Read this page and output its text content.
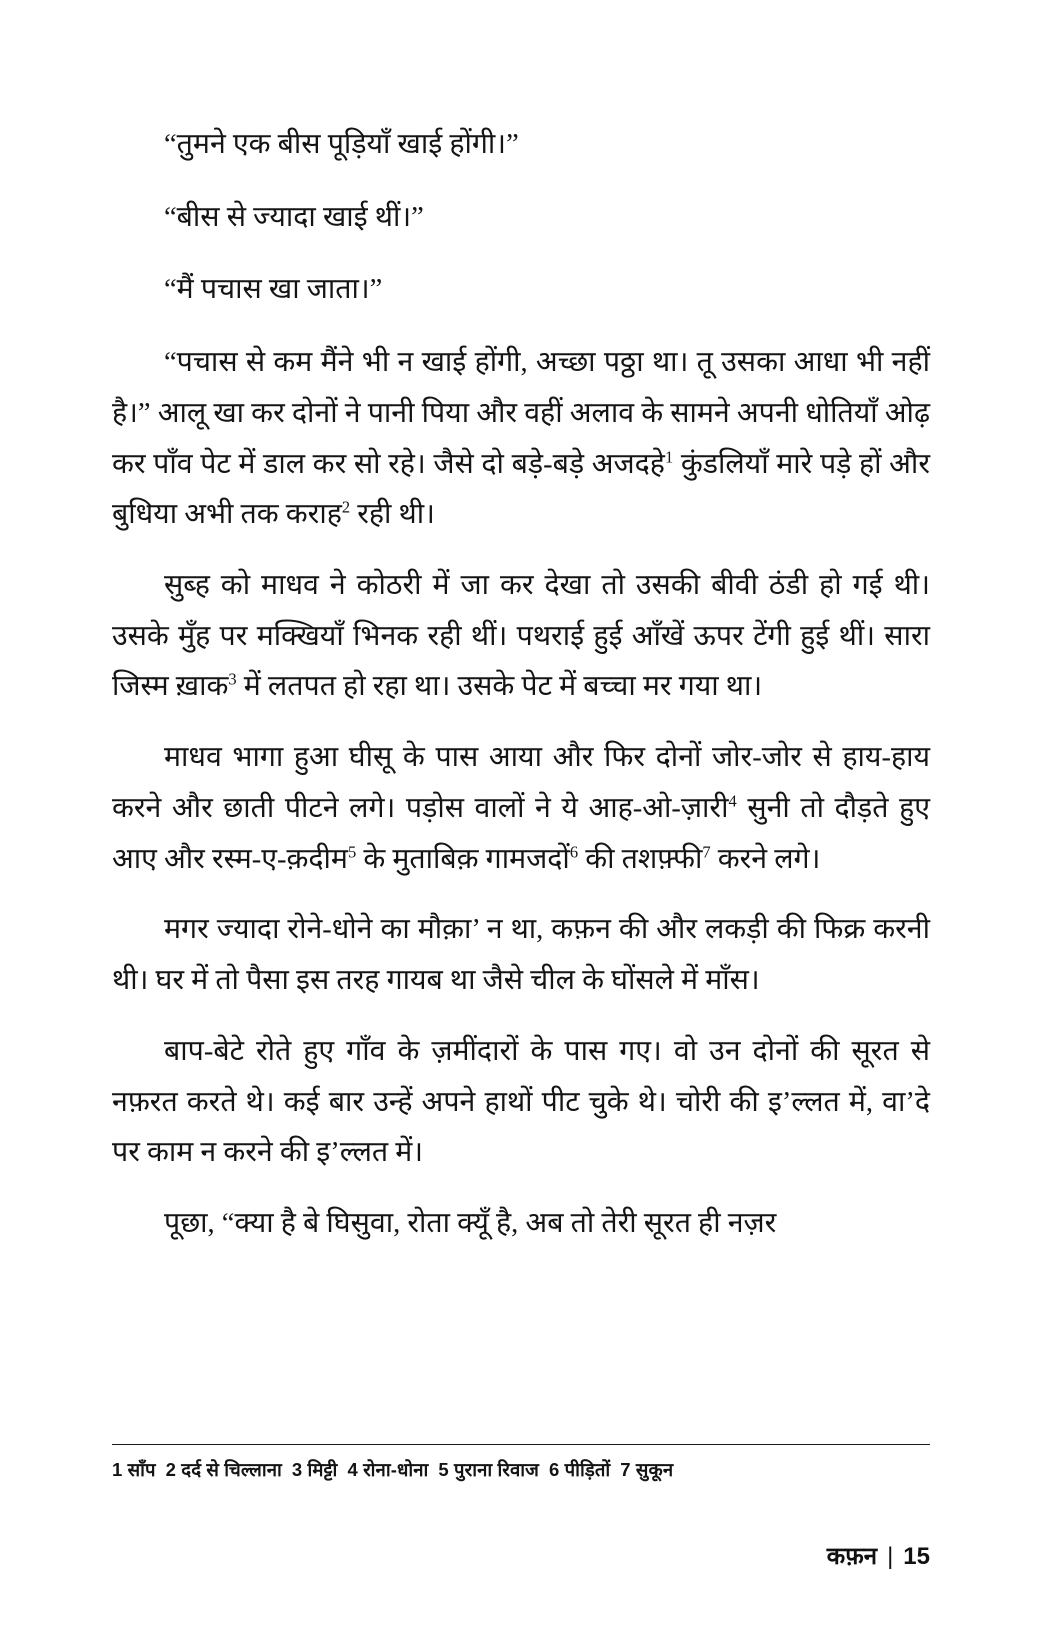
“तुमने एक बीस पूड़ियाँ खाई होंगी।”

“बीस से ज्यादा खाई थीं।”

“मैं पचास खा जाता।”

“पचास से कम मैंने भी न खाई होंगी, अच्छा पठ्ठा था। तू उसका आधा भी नहीं है।” आलू खा कर दोनों ने पानी पिया और वहीं अलाव के सामने अपनी धोतियाँ ओढ़ कर पाँव पेट में डाल कर सो रहे। जैसे दो बड़े-बड़े अजदहे$^1$ कुंडलियाँ मारे पड़े हों और बुधिया अभी तक कराह$^2$ रही थी।

सुब्ह को माधव ने कोठरी में जा कर देखा तो उसकी बीवी ठंडी हो गई थी। उसके मुँह पर मक्खियाँ भिनक रही थीं। पथराई हुई आँखें ऊपर टेंगी हुई थीं। सारा जिस्म ख़ाक$^3$ में लतपत हो रहा था। उसके पेट में बच्चा मर गया था।

माधव भागा हुआ घीसू के पास आया और फिर दोनों जोर-जोर से हाय-हाय करने और छाती पीटने लगे। पड़ोस वालों ने ये आह-ओ-ज़ारी$^4$ सुनी तो दौड़ते हुए आए और रस्म-ए-क़दीम$^5$ के मुताबिक़ गामजदों$^6$ की तशफ़्फी$^7$ करने लगे।

मगर ज्यादा रोने-धोने का मौक़ा’ न था, कफ़न की और लकड़ी की फिक्र करनी थी। घर में तो पैसा इस तरह गायब था जैसे चील के घोंसले में माँस।

बाप-बेटे रोते हुए गाँव के ज़मींदारों के पास गए। वो उन दोनों की सूरत से नफ़रत करते थे। कई बार उन्हें अपने हाथों पीट चुके थे। चोरी की इ’ल्लत में, वा’दे पर काम न करने की इ’ल्लत में।

पूछा, “क्या है बे घिसुवा, रोता क्यूँ है, अब तो तेरी सूरत ही नज़र

1 साँप 2 दर्द से चिल्लाना 3 मिट्टी 4 रोना-धोना 5 पुराना रिवाज 6 पीड़ितों 7 सुकून
कफ़न | 15
